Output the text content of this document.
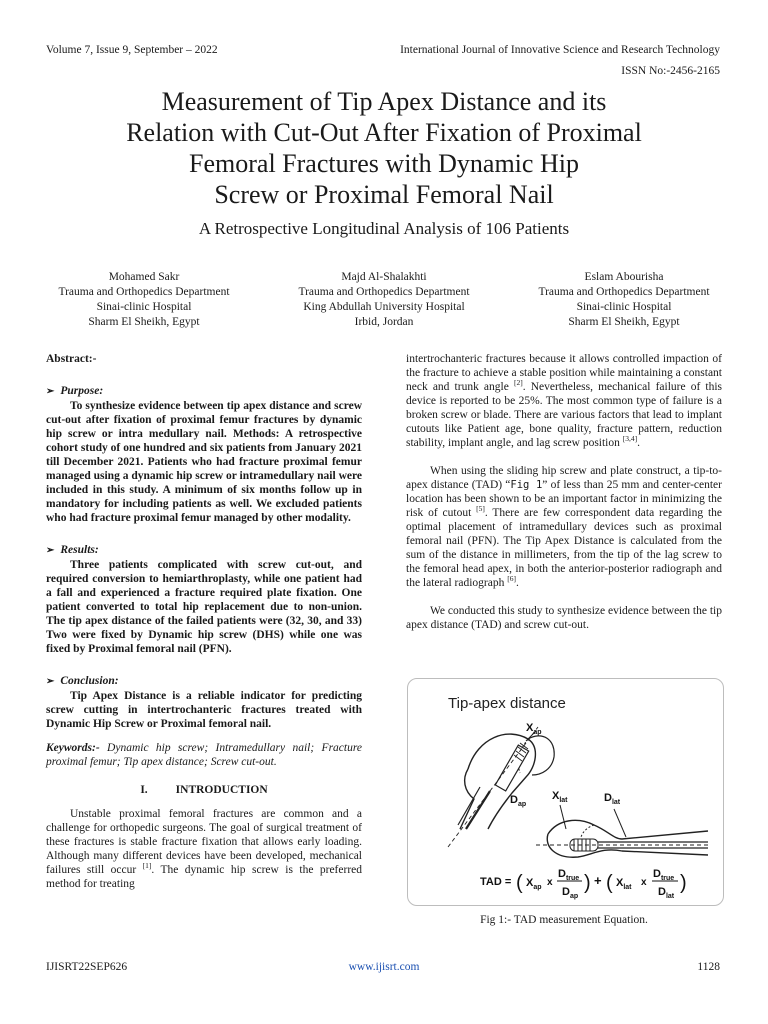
Volume 7, Issue 9, September – 2022	International Journal of Innovative Science and Research Technology
ISSN No:-2456-2165
Measurement of Tip Apex Distance and its
Relation with Cut-Out After Fixation of Proximal
Femoral Fractures with Dynamic Hip
Screw or Proximal Femoral Nail
A Retrospective Longitudinal Analysis of 106 Patients
Mohamed Sakr
Trauma and Orthopedics Department
Sinai-clinic Hospital
Sharm El Sheikh, Egypt
Majd Al-Shalakhti
Trauma and Orthopedics Department
King Abdullah University Hospital
Irbid, Jordan
Eslam Abourisha
Trauma and Orthopedics Department
Sinai-clinic Hospital
Sharm El Sheikh, Egypt

Abstract:-

➢ Purpose:

To synthesize evidence between tip apex distance and screw cut-out after fixation of proximal femur fractures by dynamic hip screw or intra medullary nail. Methods: A retrospective cohort study of one hundred and six patients from January 2021 till December 2021. Patients who had fracture proximal femur managed using a dynamic hip screw or intramedullary nail were included in this study. A minimum of six months follow up in mandatory for including patients as well. We excluded patients who had fracture proximal femur managed by other modality.

➢ Results:

Three patients complicated with screw cut-out, and required conversion to hemiarthroplasty, while one patient had a fall and experienced a fracture required plate fixation. One patient converted to total hip replacement due to non-union. The tip apex distance of the failed patients were (32, 30, and 33) Two were fixed by Dynamic hip screw (DHS) while one was fixed by Proximal femoral nail (PFN).

➢ Conclusion:

Tip Apex Distance is a reliable indicator for predicting screw cutting in intertrochanteric fractures treated with Dynamic Hip Screw or Proximal femoral nail.

Keywords:- Dynamic hip screw; Intramedullary nail; Fracture proximal femur; Tip apex distance; Screw cut-out.

I. INTRODUCTION

Unstable proximal femoral fractures are common and a challenge for orthopedic surgeons. The goal of surgical treatment of these fractures is stable fracture fixation that allows early loading. Although many different devices have been developed, mechanical failures still occur [1]. The dynamic hip screw is the preferred method for treating

intertrochanteric fractures because it allows controlled impaction of the fracture to achieve a stable position while maintaining a constant neck and trunk angle [2]. Nevertheless, mechanical failure of this device is reported to be 25%. The most common type of failure is a broken screw or blade. There are various factors that lead to implant cutouts like Patient age, bone quality, fracture pattern, reduction stability, implant angle, and lag screw position [3,4].

When using the sliding hip screw and plate construct, a tip-to-apex distance (TAD) “Fig 1” of less than 25 mm and center-center location has been shown to be an important factor in minimizing the risk of cutout [5]. There are few correspondent data regarding the optimal placement of intramedullary devices such as proximal femoral nail (PFN). The Tip Apex Distance is calculated from the sum of the distance in millimeters, from the tip of the lag screw to the femoral head apex, in both the anterior-posterior radiograph and the lateral radiograph [6].

We conducted this study to synthesize evidence between the tip apex distance (TAD) and screw cut-out.

Tip-apex distance
$X_{ap}$
$D_{ap}$
$X_{lat}$	$D_{lat}$
TAD = ( $X_{ap}$ x
$D_{true}$
$D_{ap}$
) + ( $X_{lat}$ x
$D_{true}$
$D_{lat}$
)
Fig 1:- TAD measurement Equation.
IJISRT22SEP626	www.ijisrt.com	1128
